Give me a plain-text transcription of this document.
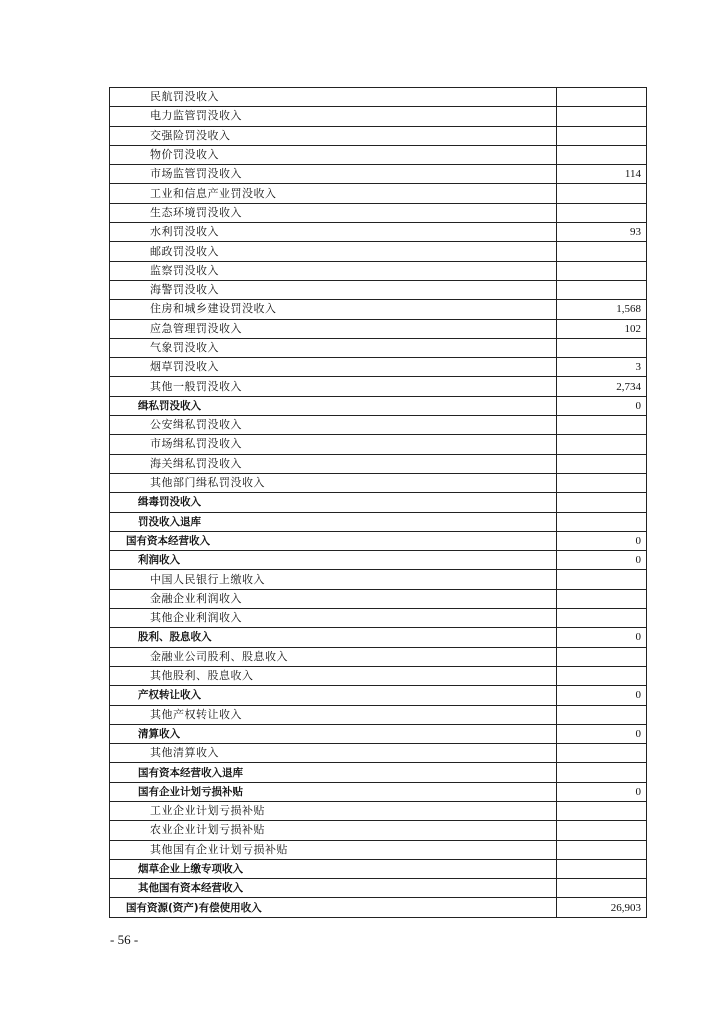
民航罚没收入	
电力监管罚没收入	
交强险罚没收入	
物价罚没收入	
市场监管罚没收入	114
工业和信息产业罚没收入	
生态环境罚没收入	
水利罚没收入	93
邮政罚没收入	
监察罚没收入	
海警罚没收入	
住房和城乡建设罚没收入	1,568
应急管理罚没收入	102
气象罚没收入	
烟草罚没收入	3
其他一般罚没收入	2,734
缉私罚没收入	0
公安缉私罚没收入	
市场缉私罚没收入	
海关缉私罚没收入	
其他部门缉私罚没收入	
缉毒罚没收入	
罚没收入退库	
国有资本经营收入	0
利润收入	0
中国人民银行上缴收入	
金融企业利润收入	
其他企业利润收入	
股利、股息收入	0
金融业公司股利、股息收入	
其他股利、股息收入	
产权转让收入	0
其他产权转让收入	
清算收入	0
其他清算收入	
国有资本经营收入退库	
国有企业计划亏损补贴	0
工业企业计划亏损补贴	
农业企业计划亏损补贴	
其他国有企业计划亏损补贴	
烟草企业上缴专项收入	
其他国有资本经营收入	
国有资源(资产)有偿使用收入	26,903
- 56 -
